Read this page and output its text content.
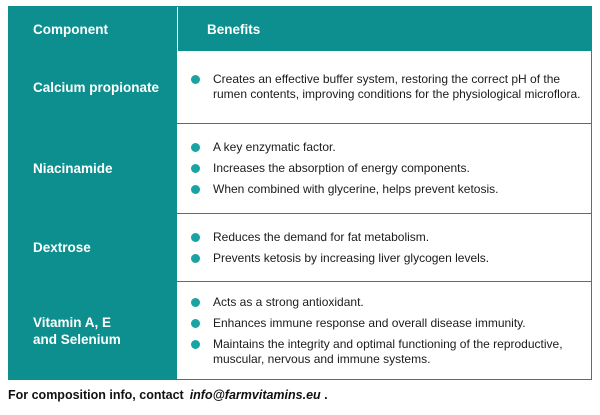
Component	Benefits
Calcium propionate
Creates an effective buffer system, restoring the correct pH of the rumen contents, improving conditions for the physiological microflora.
Niacinamide
A key enzymatic factor.
Increases the absorption of energy components.
When combined with glycerine, helps prevent ketosis.
Dextrose
Reduces the demand for fat metabolism.
Prevents ketosis by increasing liver glycogen levels.
Vitamin A, E and Selenium
Acts as a strong antioxidant.
Enhances immune response and overall disease immunity.
Maintains the integrity and optimal functioning of the reproductive, muscular, nervous and immune systems.
For composition info, contact info@farmvitamins.eu .
